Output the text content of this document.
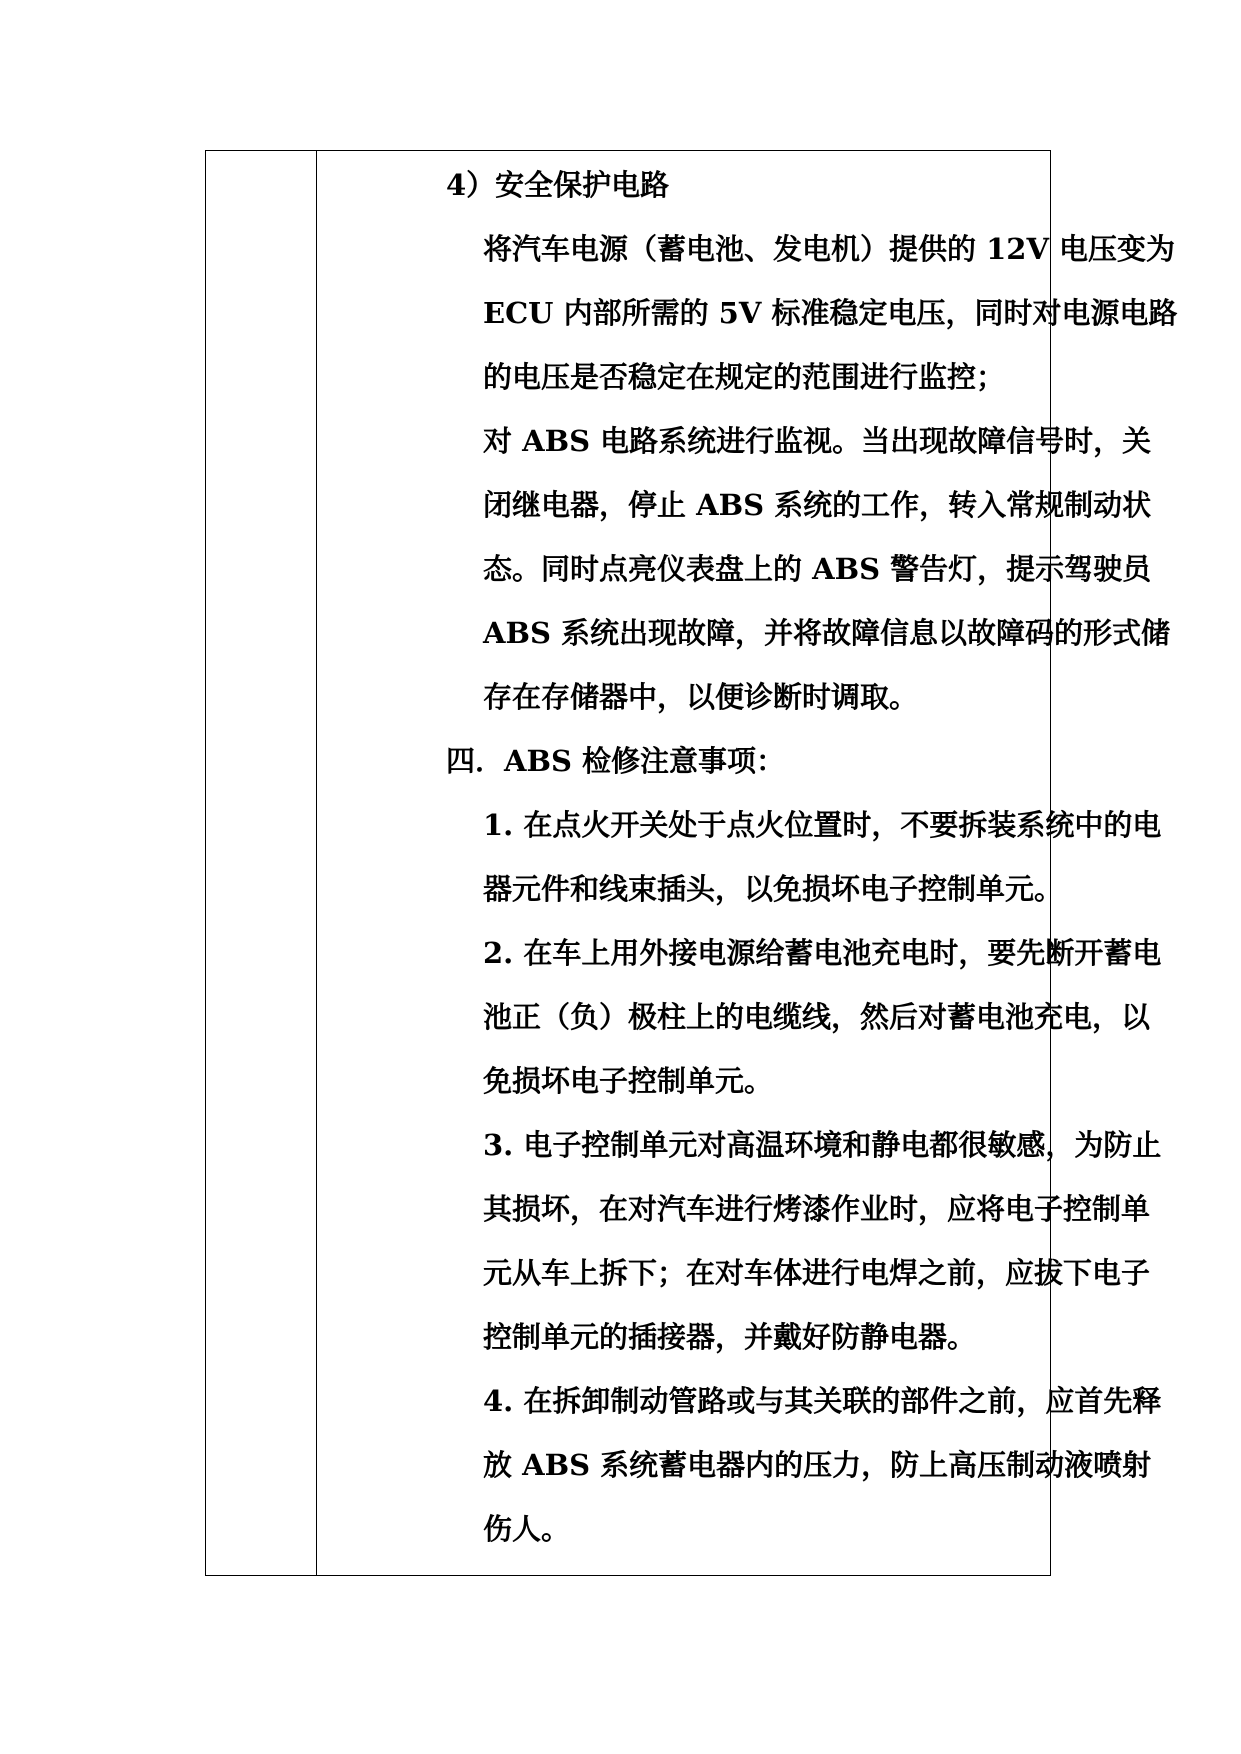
4）安全保护电路
将汽车电源（蓄电池、发电机）提供的 12V 电压变为
ECU 内部所需的 5V 标准稳定电压，同时对电源电路
的电压是否稳定在规定的范围进行监控；
对 ABS 电路系统进行监视。当出现故障信号时，关
闭继电器，停止 ABS 系统的工作，转入常规制动状
态。同时点亮仪表盘上的 ABS 警告灯，提示驾驶员
ABS 系统出现故障，并将故障信息以故障码的形式储
存在存储器中，以便诊断时调取。
四．ABS 检修注意事项：
1. 在点火开关处于点火位置时，不要拆装系统中的电
器元件和线束插头，以免损坏电子控制单元。
2. 在车上用外接电源给蓄电池充电时，要先断开蓄电
池正（负）极柱上的电缆线，然后对蓄电池充电，以
免损坏电子控制单元。
3. 电子控制单元对高温环境和静电都很敏感，为防止
其损坏，在对汽车进行烤漆作业时，应将电子控制单
元从车上拆下；在对车体进行电焊之前，应拔下电子
控制单元的插接器，并戴好防静电器。
4. 在拆卸制动管路或与其关联的部件之前，应首先释
放 ABS 系统蓄电器内的压力，防上高压制动液喷射
伤人。
